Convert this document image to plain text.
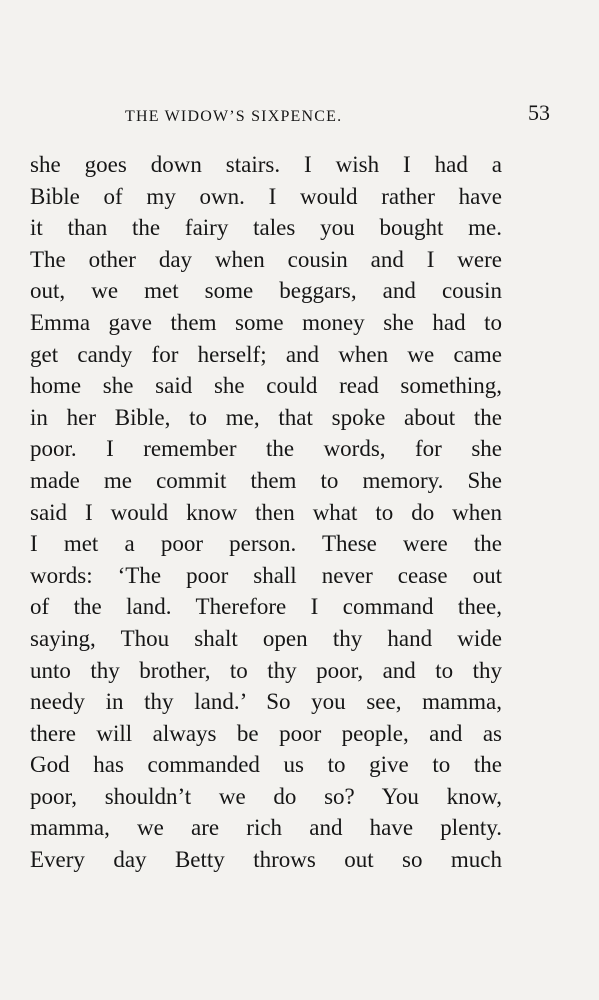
THE WIDOW’S SIXPENCE.	53
she goes down stairs. I wish I had a
Bible of my own. I would rather have
it than the fairy tales you bought me.
The other day when cousin and I were
out, we met some beggars, and cousin
Emma gave them some money she had to
get candy for herself; and when we came
home she said she could read something,
in her Bible, to me, that spoke about the
poor. I remember the words, for she
made me commit them to memory. She
said I would know then what to do when
I met a poor person. These were the
words: ‘The poor shall never cease out
of the land. Therefore I command thee,
saying, Thou shalt open thy hand wide
unto thy brother, to thy poor, and to thy
needy in thy land.’ So you see, mamma,
there will always be poor people, and as
God has commanded us to give to the
poor, shouldn’t we do so? You know,
mamma, we are rich and have plenty.
Every day Betty throws out so much
